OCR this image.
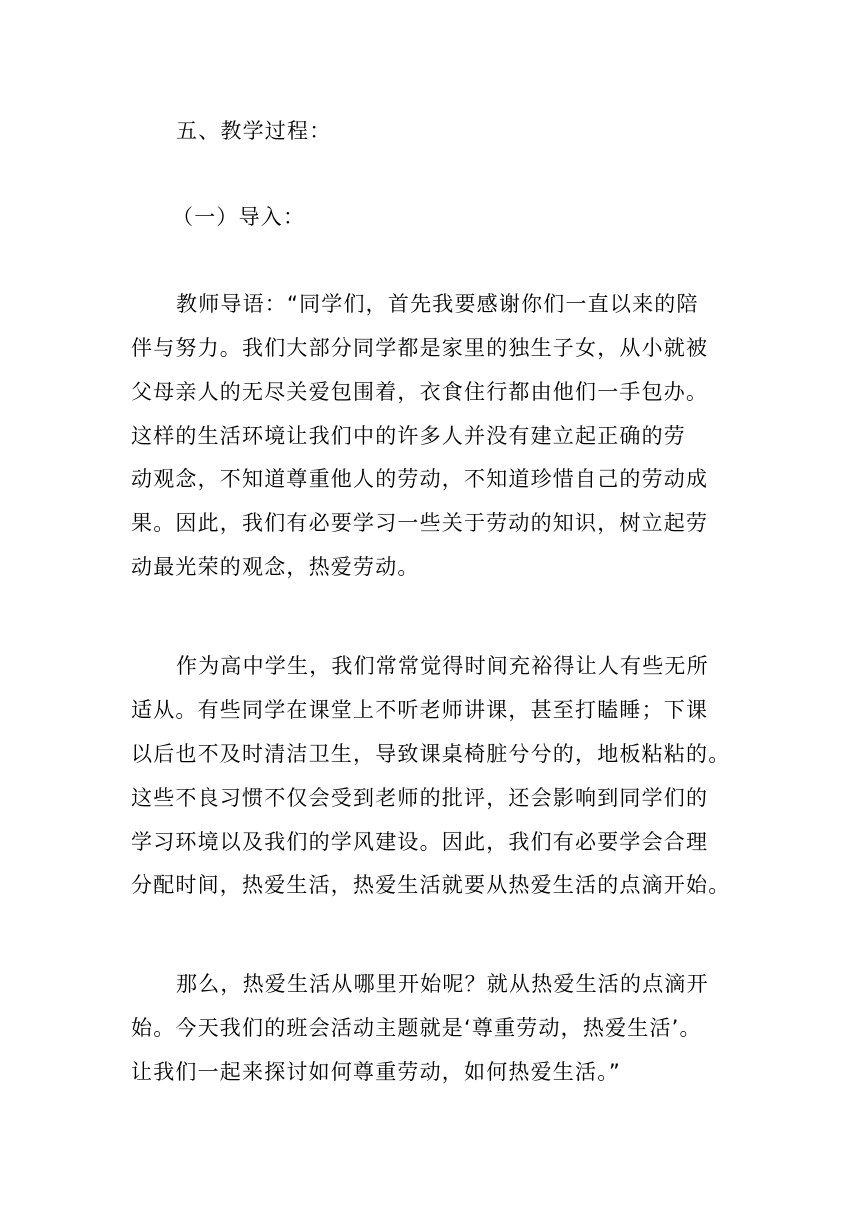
五、教学过程：
（一）导入：
教师导语：“同学们，首先我要感谢你们一直以来的陪
伴与努力。我们大部分同学都是家里的独生子女，从小就被
父母亲人的无尽关爱包围着，衣食住行都由他们一手包办。
这样的生活环境让我们中的许多人并没有建立起正确的劳
动观念，不知道尊重他人的劳动，不知道珍惜自己的劳动成
果。因此，我们有必要学习一些关于劳动的知识，树立起劳
动最光荣的观念，热爱劳动。
作为高中学生，我们常常觉得时间充裕得让人有些无所
适从。有些同学在课堂上不听老师讲课，甚至打瞌睡；下课
以后也不及时清洁卫生，导致课桌椅脏兮兮的，地板粘粘的。
这些不良习惯不仅会受到老师的批评，还会影响到同学们的
学习环境以及我们的学风建设。因此，我们有必要学会合理
分配时间，热爱生活，热爱生活就要从热爱生活的点滴开始。
那么，热爱生活从哪里开始呢？就从热爱生活的点滴开
始。今天我们的班会活动主题就是‘尊重劳动，热爱生活’。
让我们一起来探讨如何尊重劳动，如何热爱生活。”
